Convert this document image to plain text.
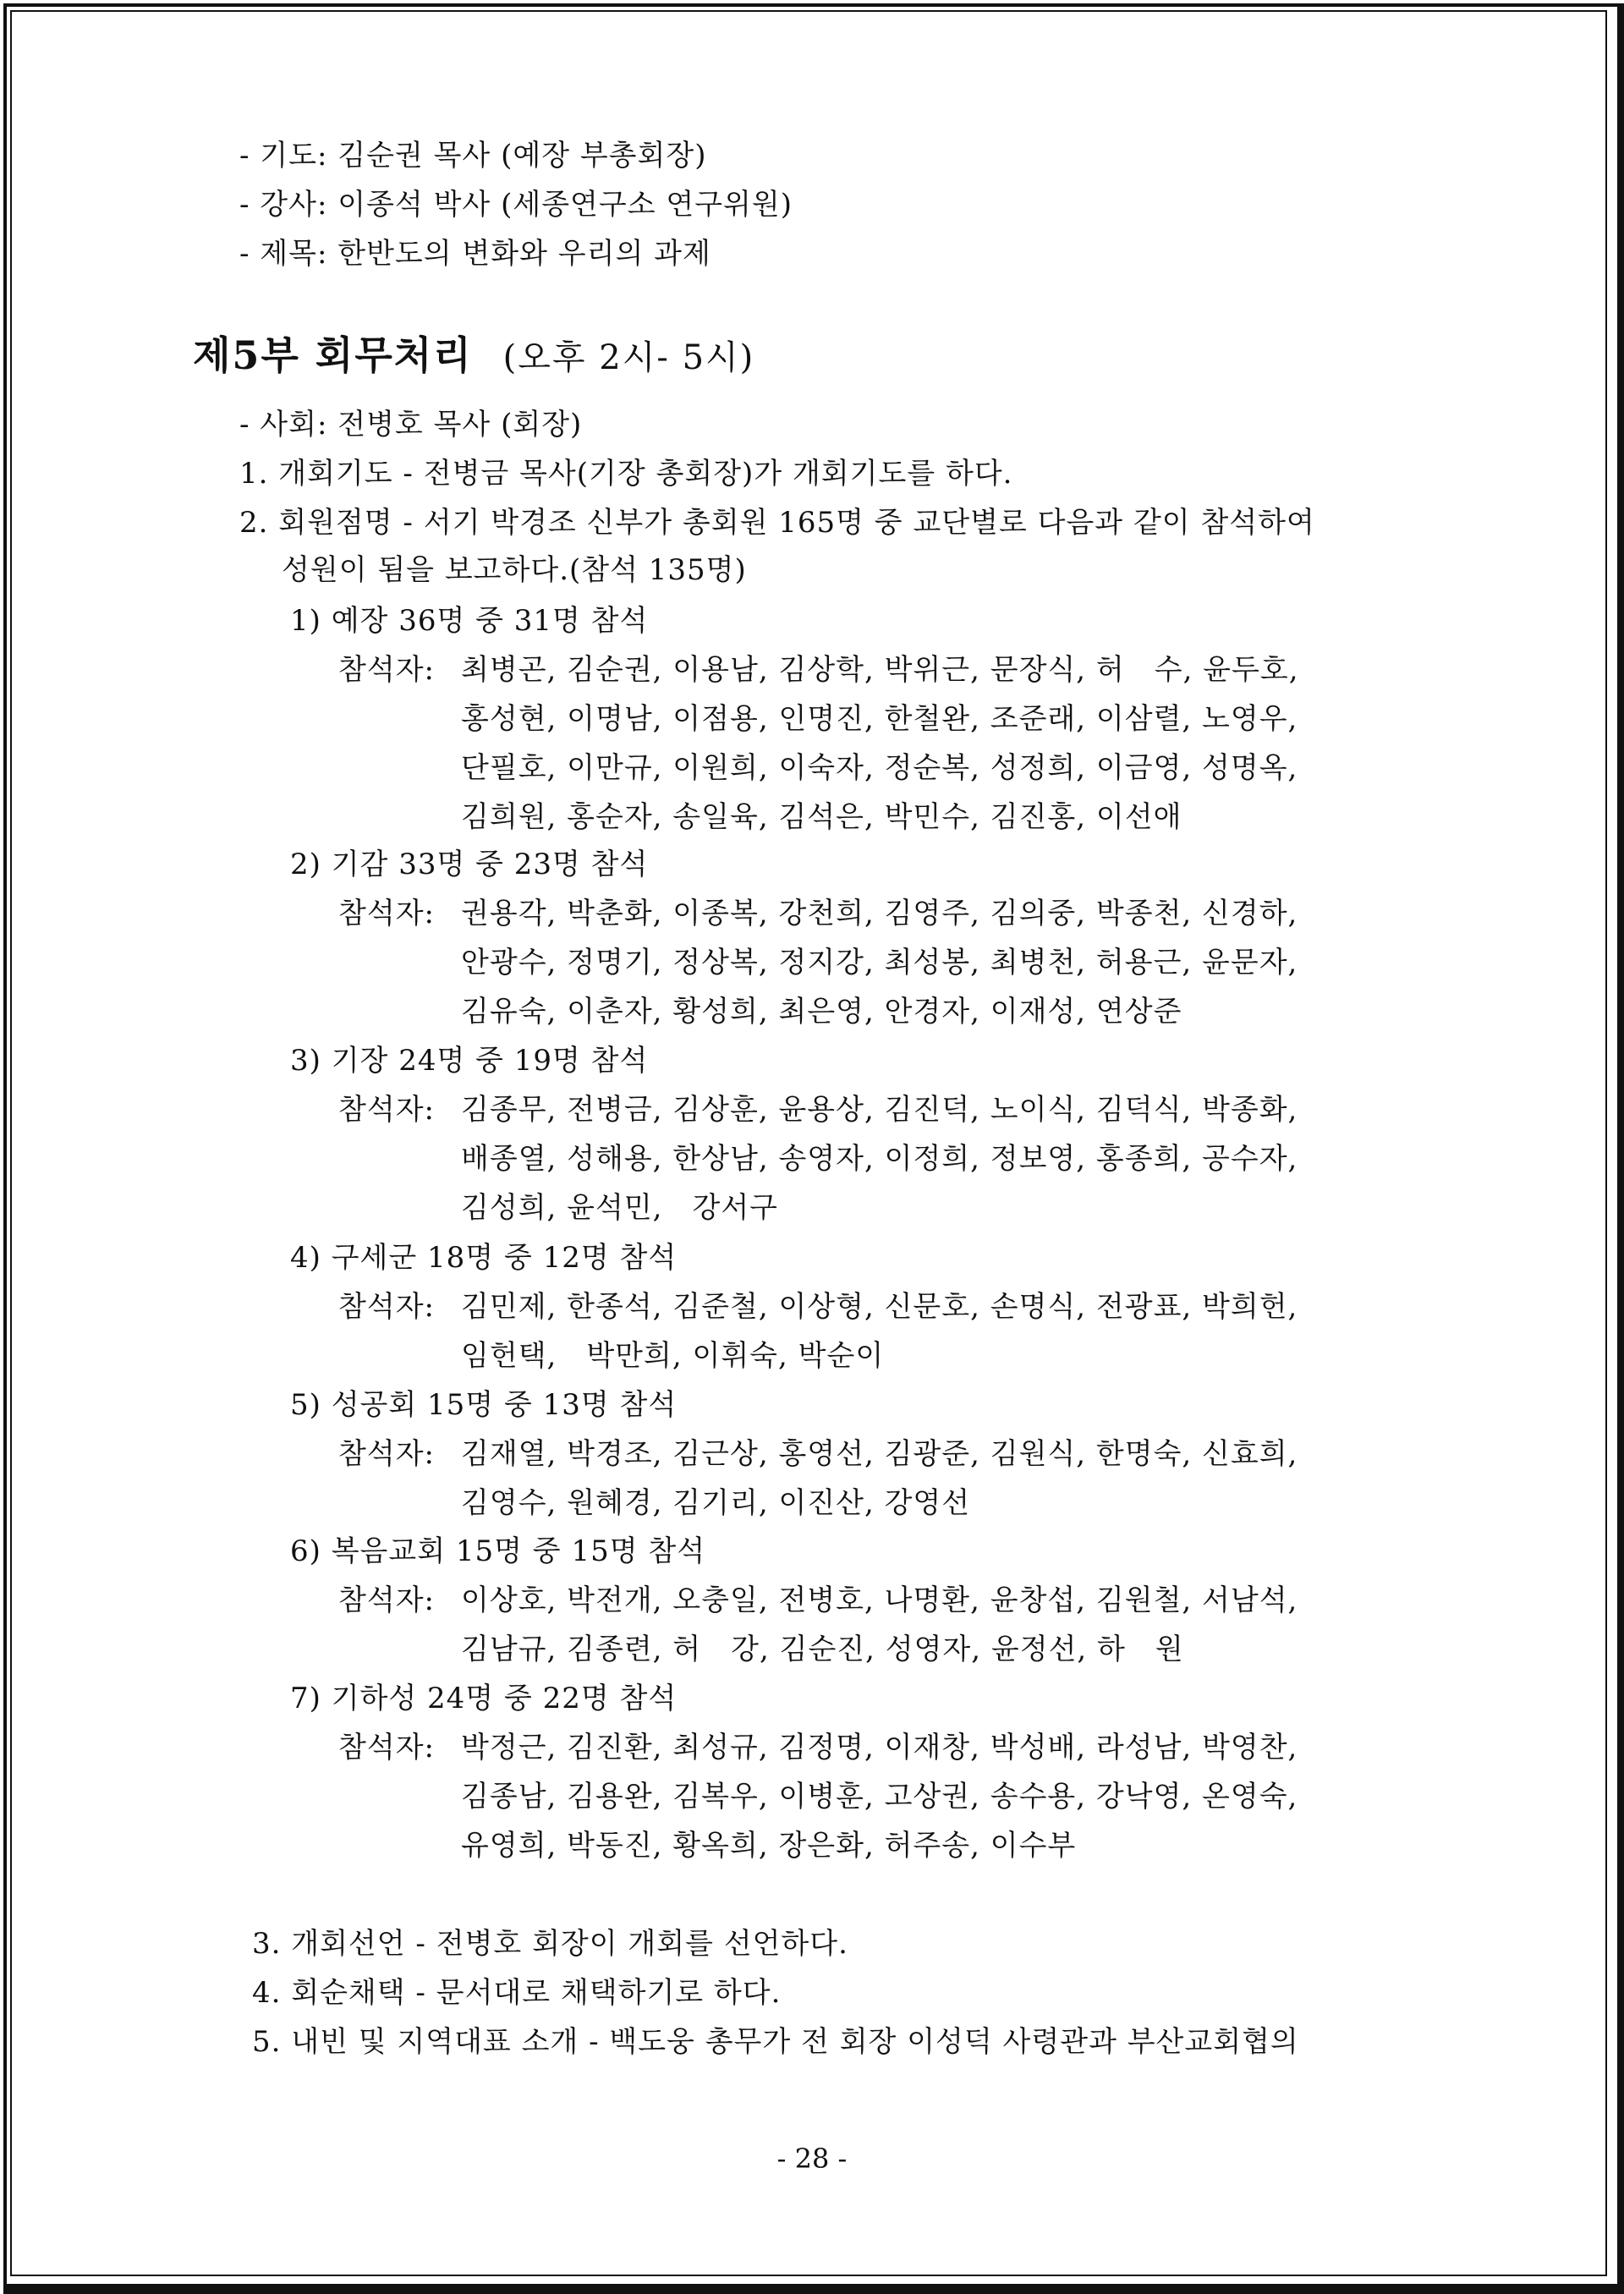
- 기도: 김순권 목사 (예장 부총회장)
- 강사: 이종석 박사 (세종연구소 연구위원)
- 제목: 한반도의 변화와 우리의 과제
제5부 회무처리 (오후 2시- 5시)
- 사회: 전병호 목사 (회장)
1. 개회기도 - 전병금 목사(기장 총회장)가 개회기도를 하다.
2. 회원점명 - 서기 박경조 신부가 총회원 165명 중 교단별로 다음과 같이 참석하여
성원이 됨을 보고하다.(참석 135명)
1) 예장 36명 중 31명 참석
참석자: 최병곤, 김순권, 이용남, 김상학, 박위근, 문장식, 허　수, 윤두호,
홍성현, 이명남, 이점용, 인명진, 한철완, 조준래, 이삼렬, 노영우,
단필호, 이만규, 이원희, 이숙자, 정순복, 성정희, 이금영, 성명옥,
김희원, 홍순자, 송일육, 김석은, 박민수, 김진홍, 이선애
2) 기감 33명 중 23명 참석
참석자: 권용각, 박춘화, 이종복, 강천희, 김영주, 김의중, 박종천, 신경하,
안광수, 정명기, 정상복, 정지강, 최성봉, 최병천, 허용근, 윤문자,
김유숙, 이춘자, 황성희, 최은영, 안경자, 이재성, 연상준
3) 기장 24명 중 19명 참석
참석자: 김종무, 전병금, 김상훈, 윤용상, 김진덕, 노이식, 김덕식, 박종화,
배종열, 성해용, 한상남, 송영자, 이정희, 정보영, 홍종희, 공수자,
김성희, 윤석민,　강서구
4) 구세군 18명 중 12명 참석
참석자: 김민제, 한종석, 김준철, 이상형, 신문호, 손명식, 전광표, 박희헌,
임헌택,　박만희, 이휘숙, 박순이
5) 성공회 15명 중 13명 참석
참석자: 김재열, 박경조, 김근상, 홍영선, 김광준, 김원식, 한명숙, 신효희,
김영수, 원혜경, 김기리, 이진산, 강영선
6) 복음교회 15명 중 15명 참석
참석자: 이상호, 박전개, 오충일, 전병호, 나명환, 윤창섭, 김원철, 서남석,
김남규, 김종련, 허　강, 김순진, 성영자, 윤정선, 하　원
7) 기하성 24명 중 22명 참석
참석자: 박정근, 김진환, 최성규, 김정명, 이재창, 박성배, 라성남, 박영찬,
김종남, 김용완, 김복우, 이병훈, 고상권, 송수용, 강낙영, 온영숙,
유영희, 박동진, 황옥희, 장은화, 허주송, 이수부
3. 개회선언 - 전병호 회장이 개회를 선언하다.
4. 회순채택 - 문서대로 채택하기로 하다.
5. 내빈 및 지역대표 소개 - 백도웅 총무가 전 회장 이성덕 사령관과 부산교회협의
- 28 -
